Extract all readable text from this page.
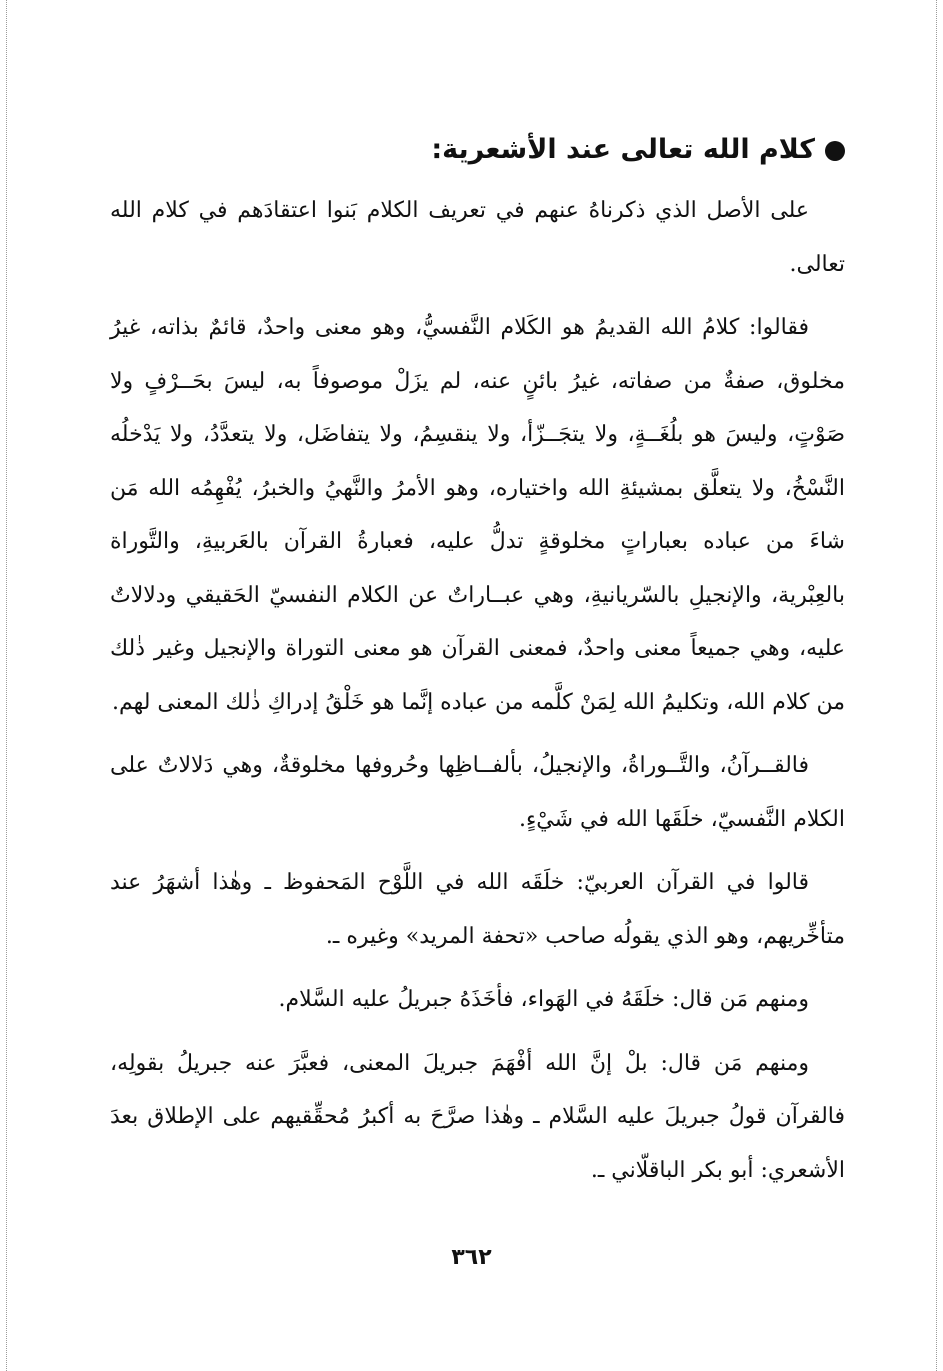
كلام الله تعالى عند الأشعرية:

على الأصل الذي ذكرناهُ عنهم في تعريف الكلام بَنوا اعتقادَهم في كلام الله تعالى.

فقالوا: كلامُ الله القديمُ هو الكَلام النَّفسيُّ، وهو معنى واحدٌ، قائمٌ بذاته، غيرُ مخلوق، صفةٌ من صفاته، غيرُ بائنٍ عنه، لم يزَلْ موصوفاً به، ليسَ بحَــرْفٍ ولا صَوْتٍ، وليسَ هو بلُغَــةٍ، ولا يتجَــزّأ، ولا ينقسِمُ، ولا يتفاضَل، ولا يتعدَّدُ، ولا يَدْخلُه النَّسْخُ، ولا يتعلَّق بمشيئةِ الله واختياره، وهو الأمرُ والنَّهيُ والخبرُ، يُفْهِمُه الله مَن شاءَ من عباده بعباراتٍ مخلوقةٍ تدلُّ عليه، فعبارةُ القرآن بالعَربيةِ، والتَّوراة بالعِبْرية، والإنجيلِ بالسّريانيةِ، وهي عبــاراتٌ عن الكلام النفسيّ الحَقيقي ودلالاتٌ عليه، وهي جميعاً معنى واحدٌ، فمعنى القرآن هو معنى التوراة والإنجيل وغير ذٰلك من كلام الله، وتكليمُ الله لِمَنْ كلَّمه من عباده إنَّما هو خَلْقُ إدراكِ ذٰلك المعنى لهم.

فالقــرآنُ، والتَّــوراةُ، والإنجيلُ، بألفــاظِها وحُروفها مخلوقةٌ، وهي دَلالاتٌ على الكلام النَّفسيّ، خلَقَها الله في شَيْءٍ.

قالوا في القرآن العربيّ: خلَقَه الله في اللَّوْح المَحفوظ ـ وهٰذا أشهَرُ عند متأخِّريهم، وهو الذي يقولُه صاحب «تحفة المريد» وغيره ـ.

ومنهم مَن قال: خلَقَهُ في الهَواء، فأخَذَهُ جبريلُ عليه السَّلام.

ومنهم مَن قال: بلْ إنَّ الله أفْهَمَ جبريلَ المعنى، فعبَّرَ عنه جبريلُ بقولِه، فالقرآن قولُ جبريلَ عليه السَّلام ـ وهٰذا صرَّحَ به أكبرُ مُحقِّقيهم على الإطلاق بعدَ الأشعري: أبو بكر الباقلّاني ـ.

٣٦٢
